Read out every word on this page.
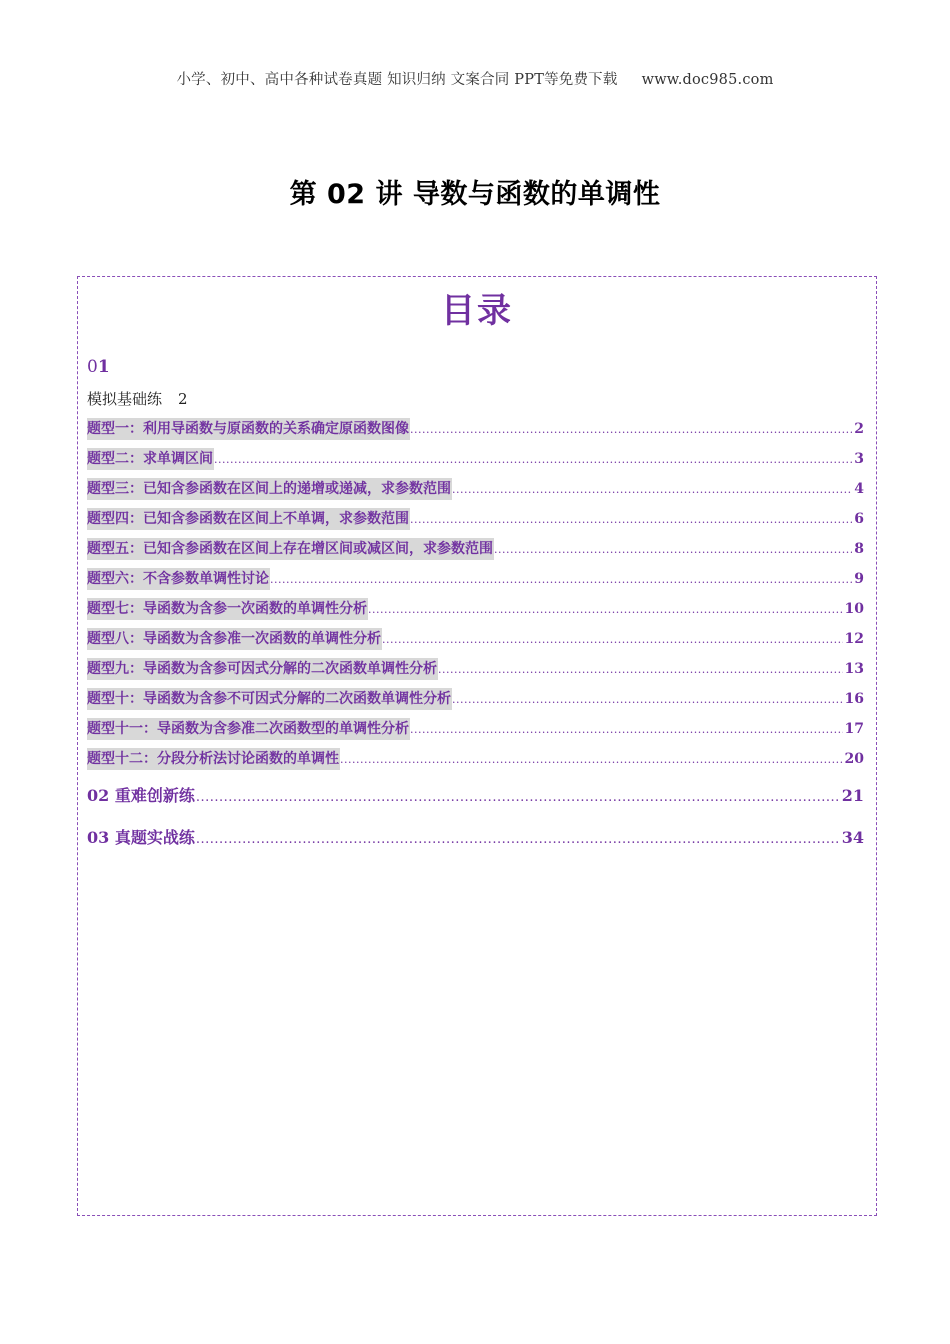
小学、初中、高中各种试卷真题 知识归纳 文案合同 PPT等免费下载 www.doc985.com
第 02 讲 导数与函数的单调性
目录
01
模拟基础练 2
题型一：利用导函数与原函数的关系确定原函数图像 .....	2
题型二：求单调区间 .....	3
题型三：已知含参函数在区间上的递增或递减，求参数范围 .....	4
题型四：已知含参函数在区间上不单调，求参数范围 .....	6
题型五：已知含参函数在区间上存在增区间或减区间，求参数范围 .....	8
题型六：不含参数单调性讨论 .....	9
题型七：导函数为含参一次函数的单调性分析 .....	10
题型八：导函数为含参准一次函数的单调性分析 .....	12
题型九：导函数为含参可因式分解的二次函数单调性分析 .....	13
题型十：导函数为含参不可因式分解的二次函数单调性分析 .....	16
题型十一：导函数为含参准二次函数型的单调性分析 .....	17
题型十二：分段分析法讨论函数的单调性 .....	20
02 重难创新练 .....	21
03 真题实战练 .....	34
